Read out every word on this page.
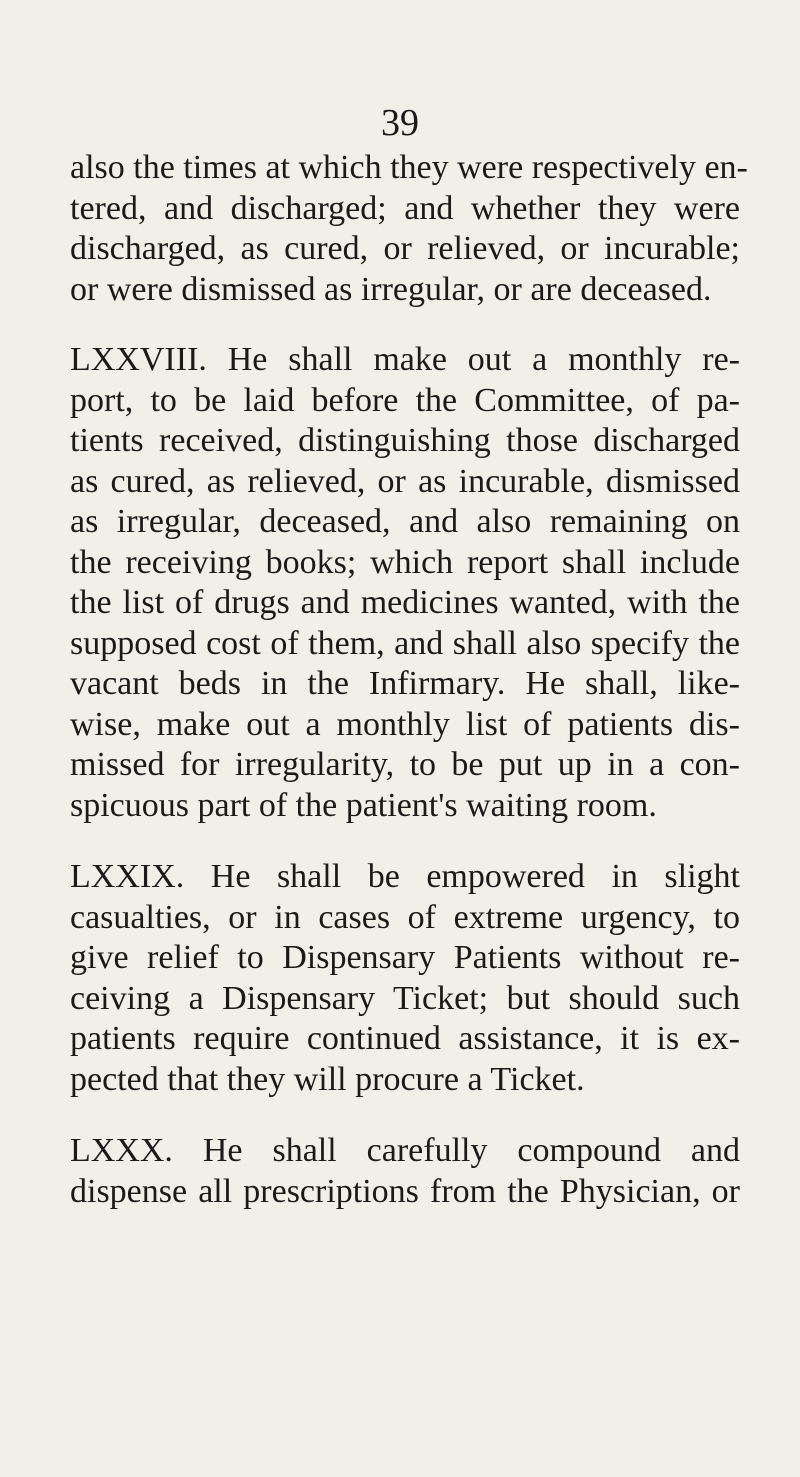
39
also the times at which they were respectively en-
tered, and discharged; and whether they were
discharged, as cured, or relieved, or incurable;
or were dismissed as irregular, or are deceased.
LXXVIII. He shall make out a monthly re-
port, to be laid before the Committee, of pa-
tients received, distinguishing those discharged
as cured, as relieved, or as incurable, dismissed
as irregular, deceased, and also remaining on
the receiving books; which report shall include
the list of drugs and medicines wanted, with the
supposed cost of them, and shall also specify the
vacant beds in the Infirmary. He shall, like-
wise, make out a monthly list of patients dis-
missed for irregularity, to be put up in a con-
spicuous part of the patient's waiting room.
LXXIX. He shall be empowered in slight
casualties, or in cases of extreme urgency, to
give relief to Dispensary Patients without re-
ceiving a Dispensary Ticket; but should such
patients require continued assistance, it is ex-
pected that they will procure a Ticket.
LXXX. He shall carefully compound and
dispense all prescriptions from the Physician, or
